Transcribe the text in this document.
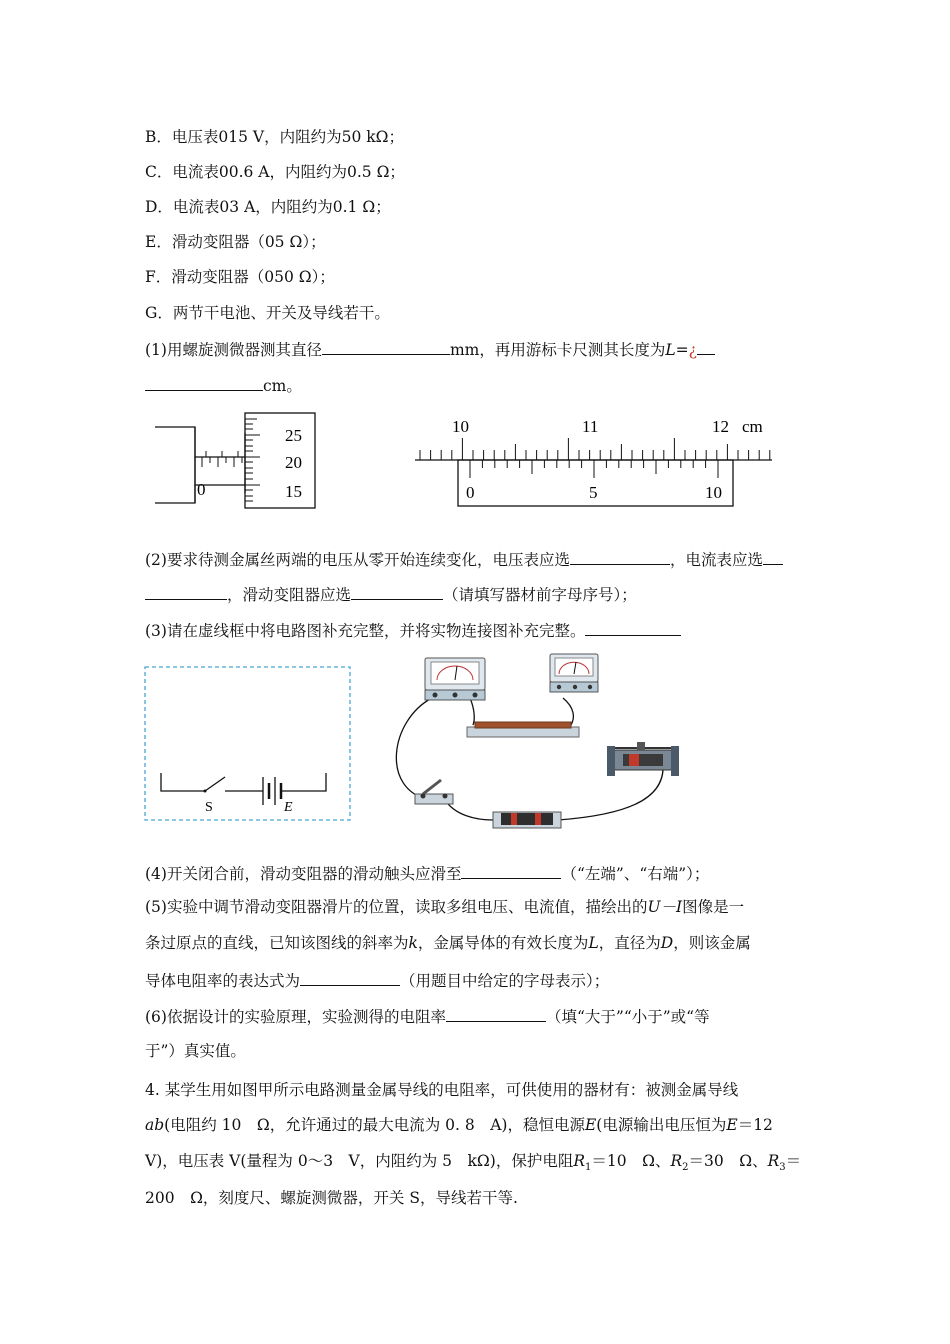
B．电压表015 V，内阻约为50 kΩ；
C．电流表00.6 A，内阻约为0.5 Ω；
D．电流表03 A，内阻约为0.1 Ω；
E．滑动变阻器（05 Ω）；
F．滑动变阻器（050 Ω）；
G．两节干电池、开关及导线若干。
(1)用螺旋测微器测其直径	mm，再用游标卡尺测其长度为L=¿
cm。
25
20
15
0
10	11	12 cm
0	5	10
(2)要求待测金属丝两端的电压从零开始连续变化，电压表应选	，电流表应选
，滑动变阻器应选	（请填写器材前字母序号）；
(3)请在虚线框中将电路图补充完整，并将实物连接图补充完整。
S	E
(4)开关闭合前，滑动变阻器的滑动触头应滑至	（“左端”、“右端”）；
(5)实验中调节滑动变阻器滑片的位置，读取多组电压、电流值，描绘出的U－I图像是一
条过原点的直线，已知该图线的斜率为k，金属导体的有效长度为L，直径为D，则该金属
导体电阻率的表达式为	（用题目中给定的字母表示）；
(6)依据设计的实验原理，实验测得的电阻率	（填“大于”“小于”或“等
于”）真实值。
4. 某学生用如图甲所示电路测量金属导线的电阻率，可供使用的器材有：被测金属导线
ab(电阻约 10　Ω，允许通过的最大电流为 0. 8　A)，稳恒电源E(电源输出电压恒为E＝12
V)，电压表 V(量程为 0～3　V，内阻约为 5　kΩ)，保护电阻$R_1=10$　Ω、$R_2=30$　Ω、$R_3=$
200　Ω，刻度尺、螺旋测微器，开关 S，导线若干等.
